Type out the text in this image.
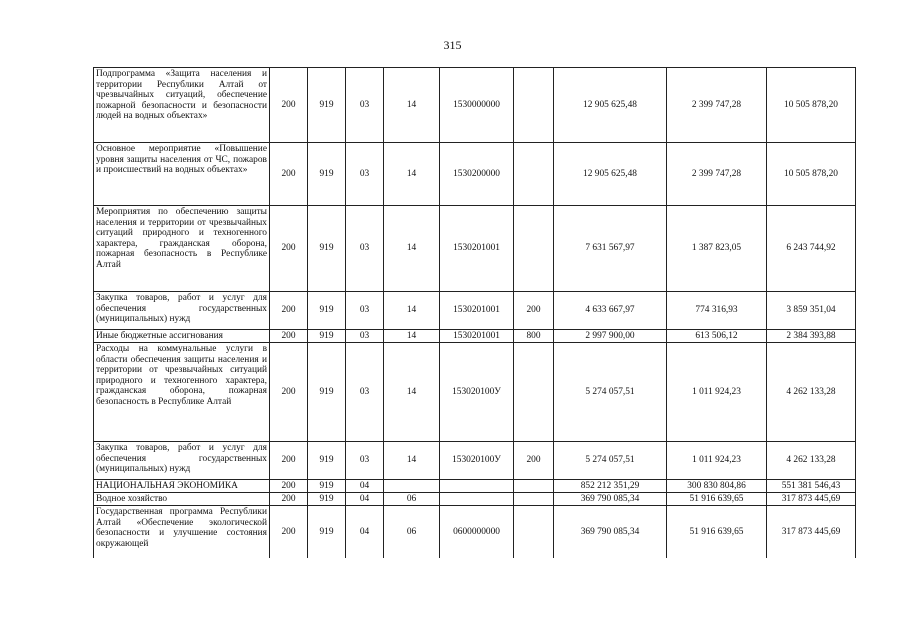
315
Подпрограмма «Защита населения и территории Республики Алтай от чрезвычайных ситуаций, обеспечение пожарной безопасности и безопасности людей на водных объектах»	200	919	03	14	1530000000		12 905 625,48	2 399 747,28	10 505 878,20
Основное мероприятие «Повышение уровня защиты населения от ЧС, пожаров и происшествий на водных объектах»	200	919	03	14	1530200000		12 905 625,48	2 399 747,28	10 505 878,20
Мероприятия по обеспечению защиты населения и территории от чрезвычайных ситуаций природного и техногенного характера, гражданская оборона, пожарная безопасность в Республике Алтай	200	919	03	14	1530201001		7 631 567,97	1 387 823,05	6 243 744,92
Закупка товаров, работ и услуг для обеспечения государственных (муниципальных) нужд	200	919	03	14	1530201001	200	4 633 667,97	774 316,93	3 859 351,04
Иные бюджетные ассигнования	200	919	03	14	1530201001	800	2 997 900,00	613 506,12	2 384 393,88
Расходы на коммунальные услуги в области обеспечения защиты населения и территории от чрезвычайных ситуаций природного и техногенного характера, гражданская оборона, пожарная безопасность в Республике Алтай	200	919	03	14	153020100У		5 274 057,51	1 011 924,23	4 262 133,28
Закупка товаров, работ и услуг для обеспечения государственных (муниципальных) нужд	200	919	03	14	153020100У	200	5 274 057,51	1 011 924,23	4 262 133,28
НАЦИОНАЛЬНАЯ ЭКОНОМИКА	200	919	04				852 212 351,29	300 830 804,86	551 381 546,43
Водное хозяйство	200	919	04	06			369 790 085,34	51 916 639,65	317 873 445,69
Государственная программа Республики Алтай «Обеспечение экологической безопасности и улучшение состояния окружающей	200	919	04	06	0600000000		369 790 085,34	51 916 639,65	317 873 445,69
